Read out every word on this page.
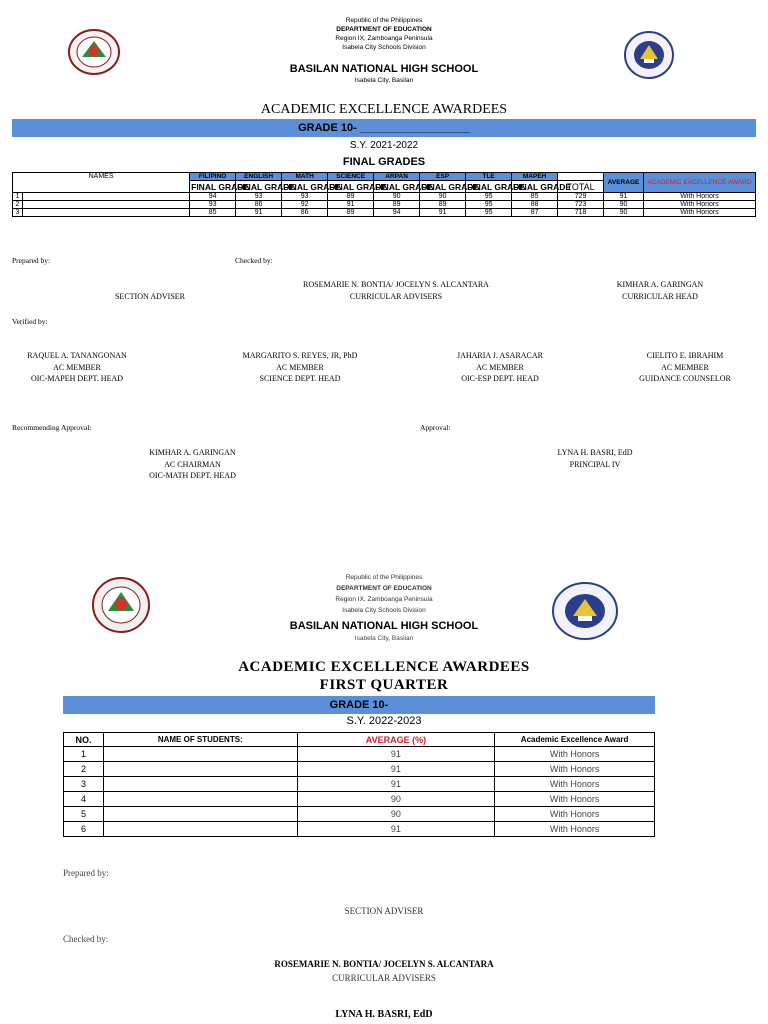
Republic of the Philippines
DEPARTMENT OF EDUCATION
Region IX, Zamboanga Peninsula
Isabela City Schools Division
BASILAN NATIONAL HIGH SCHOOL
Isabela City, Basilan
ACADEMIC EXCELLENCE AWARDEES
GRADE 10- __________________
S.Y. 2021-2022
FINAL GRADES
NAMES		FILIPINO	ENGLISH	MATH	SCIENCE	ARPAN	ESP	TLE	MAPEH		AVERAGE	ACADEMIC EXCELLENCE AWARD
		FINAL GRADE	FINAL GRADE	FINAL GRADE	FINAL GRADE	FINAL GRADE	FINAL GRADE	FINAL GRADE	FINAL GRADE	TOTAL		
1		94	93	93	89	90	90	95	85	729	91	With Honors
2		93	86	92	91	89	89	95	88	723	90	With Honors
3		85	91	86	89	94	91	95	87	718	90	With Honors
Prepared by:	Checked by:
SECTION ADVISER
ROSEMARIE N. BONTIA/ JOCELYN S. ALCANTARA
CURRICULAR ADVISERS
KIMHAR A. GARINGAN
CURRICULAR HEAD
Verified by:
RAQUEL A. TANANGONAN
AC MEMBER
OIC-MAPEH DEPT. HEAD
MARGARITO S. REYES, JR, PhD
AC MEMBER
SCIENCE DEPT. HEAD
JAHARIA J. ASARACAR
AC MEMBER
OIC-ESP DEPT. HEAD
CIELITO E. IBRAHIM
AC MEMBER
GUIDANCE COUNSELOR
Recommending Approval:	Approval:
KIMHAR A. GARINGAN
AC CHAIRMAN
OIC-MATH DEPT. HEAD
LYNA H. BASRI, EdD
PRINCIPAL IV
Republic of the Philippines
DEPARTMENT OF EDUCATION
Region IX, Zamboanga Peninsula
Isabela City Schools Division
BASILAN NATIONAL HIGH SCHOOL
Isabela City, Basilan
ACADEMIC EXCELLENCE AWARDEES
FIRST QUARTER
GRADE 10-
S.Y. 2022-2023
NO.	NAME OF STUDENTS:	AVERAGE (%)	Academic Excellence Award
1		91	With Honors
2		91	With Honors
3		91	With Honors
4		90	With Honors
5		90	With Honors
6		91	With Honors
Prepared by:
SECTION ADVISER
Checked by:
ROSEMARIE N. BONTIA/ JOCELYN S. ALCANTARA
CURRICULAR ADVISERS
LYNA H. BASRI, EdD
